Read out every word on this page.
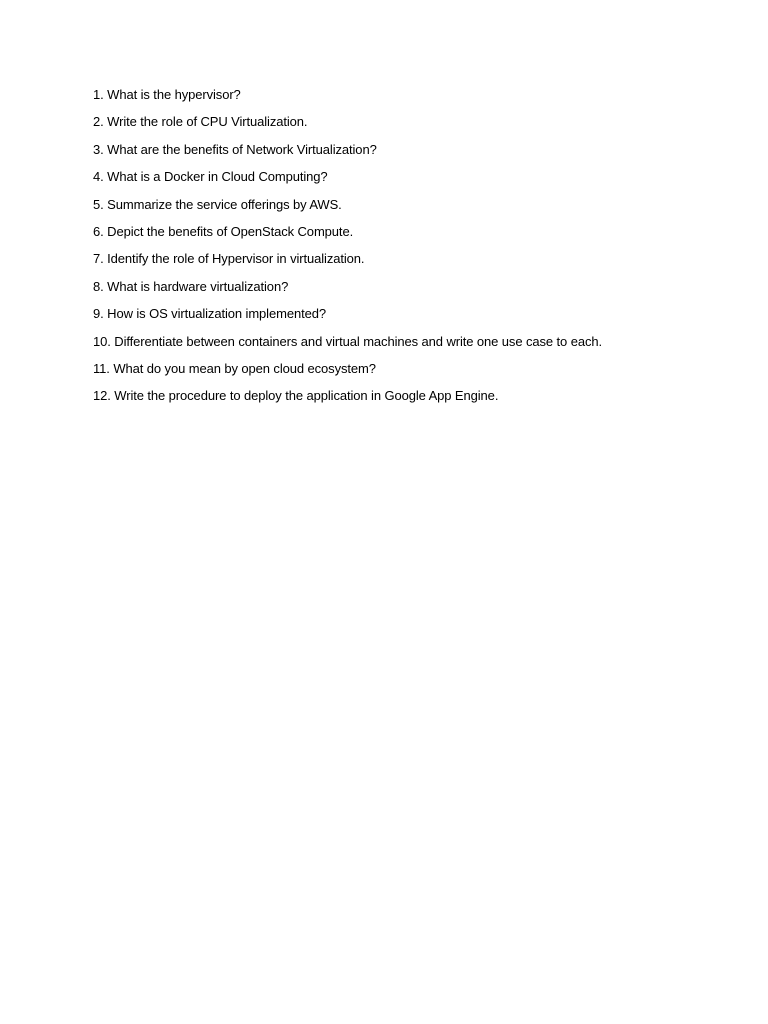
1. What is the hypervisor?
2. Write the role of CPU Virtualization.
3. What are the benefits of Network Virtualization?
4. What is a Docker in Cloud Computing?
5. Summarize the service offerings by AWS.
6. Depict the benefits of OpenStack Compute.
7. Identify the role of Hypervisor in virtualization.
8. What is hardware virtualization?
9. How is OS virtualization implemented?
10. Differentiate between containers and virtual machines and write one use case to each.
11. What do you mean by open cloud ecosystem?
12. Write the procedure to deploy the application in Google App Engine.
